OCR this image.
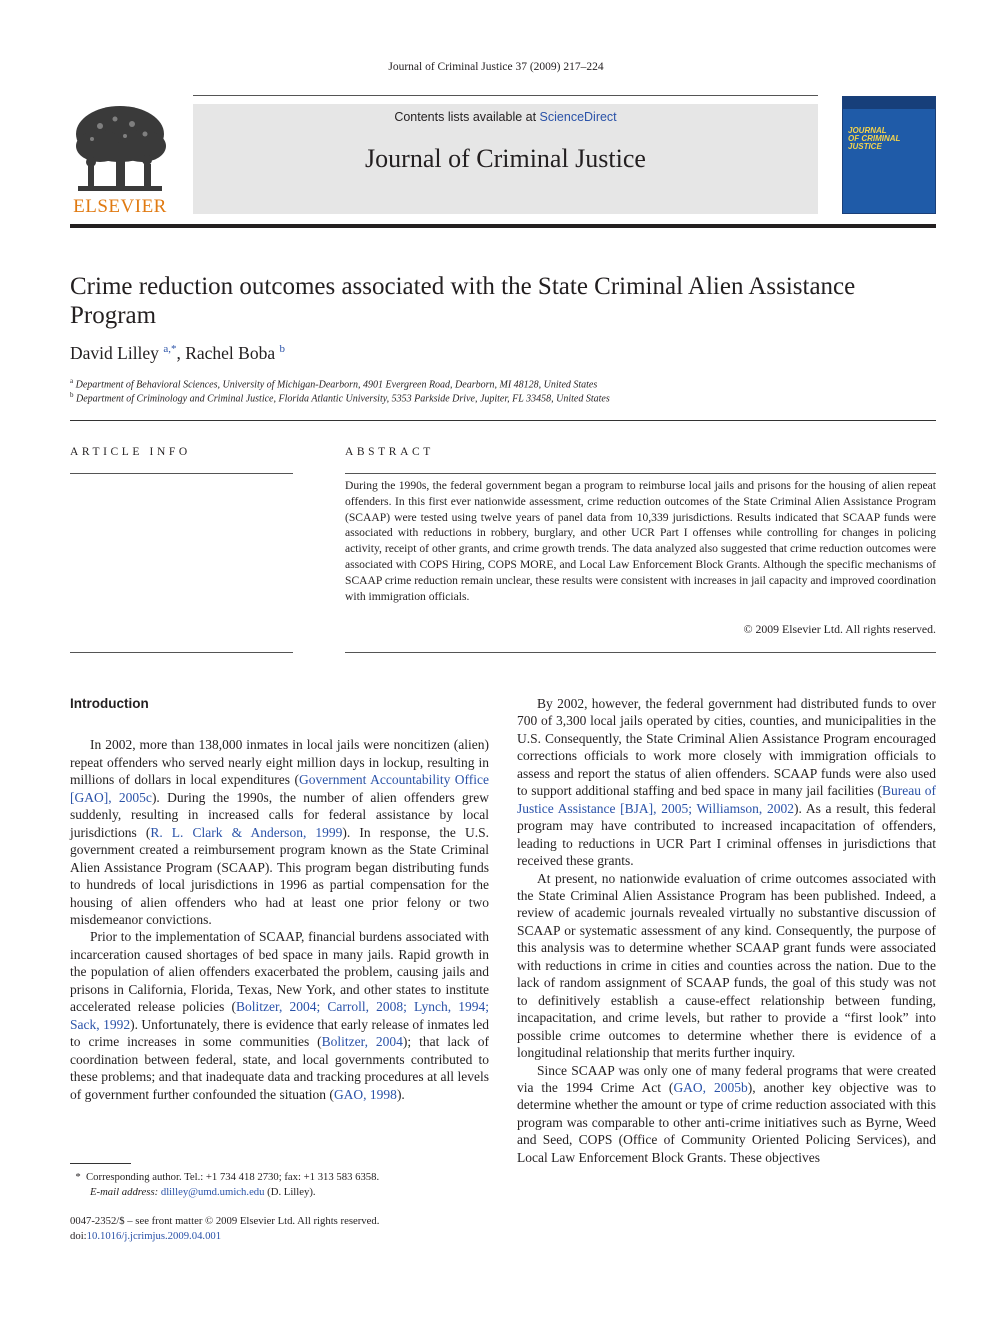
Journal of Criminal Justice 37 (2009) 217–224
ELSEVIER
Contents lists available at ScienceDirect
Journal of Criminal Justice
JOURNAL
OF CRIMINAL
JUSTICE
Crime reduction outcomes associated with the State Criminal Alien Assistance Program
David Lilley $^{a,*}$, Rachel Boba $^b$
$^a$ Department of Behavioral Sciences, University of Michigan-Dearborn, 4901 Evergreen Road, Dearborn, MI 48128, United States
$^b$ Department of Criminology and Criminal Justice, Florida Atlantic University, 5353 Parkside Drive, Jupiter, FL 33458, United States
ARTICLE INFO	ABSTRACT
During the 1990s, the federal government began a program to reimburse local jails and prisons for the housing of alien repeat offenders. In this first ever nationwide assessment, crime reduction outcomes of the State Criminal Alien Assistance Program (SCAAP) were tested using twelve years of panel data from 10,339 jurisdictions. Results indicated that SCAAP funds were associated with reductions in robbery, burglary, and other UCR Part I offenses while controlling for changes in policing activity, receipt of other grants, and crime growth trends. The data analyzed also suggested that crime reduction outcomes were associated with COPS Hiring, COPS MORE, and Local Law Enforcement Block Grants. Although the specific mechanisms of SCAAP crime reduction remain unclear, these results were consistent with increases in jail capacity and improved coordination with immigration officials.
© 2009 Elsevier Ltd. All rights reserved.
Introduction

In 2002, more than 138,000 inmates in local jails were noncitizen (alien) repeat offenders who served nearly eight million days in lockup, resulting in millions of dollars in local expenditures (Government Accountability Office [GAO], 2005c). During the 1990s, the number of alien offenders grew suddenly, resulting in increased calls for federal assistance by local jurisdictions (R. L. Clark & Anderson, 1999). In response, the U.S. government created a reimbursement program known as the State Criminal Alien Assistance Program (SCAAP). This program began distributing funds to hundreds of local jurisdictions in 1996 as partial compensation for the housing of alien offenders who had at least one prior felony or two misdemeanor convictions.

Prior to the implementation of SCAAP, financial burdens associated with incarceration caused shortages of bed space in many jails. Rapid growth in the population of alien offenders exacerbated the problem, causing jails and prisons in California, Florida, Texas, New York, and other states to institute accelerated release policies (Bolitzer, 2004; Carroll, 2008; Lynch, 1994; Sack, 1992). Unfortunately, there is evidence that early release of inmates led to crime increases in some communities (Bolitzer, 2004); that lack of coordination between federal, state, and local governments contributed to these problems; and that inadequate data and tracking procedures at all levels of government further confounded the situation (GAO, 1998).

By 2002, however, the federal government had distributed funds to over 700 of 3,300 local jails operated by cities, counties, and municipalities in the U.S. Consequently, the State Criminal Alien Assistance Program encouraged corrections officials to work more closely with immigration officials to assess and report the status of alien offenders. SCAAP funds were also used to support additional staffing and bed space in many jail facilities (Bureau of Justice Assistance [BJA], 2005; Williamson, 2002). As a result, this federal program may have contributed to increased incapacitation of offenders, leading to reductions in UCR Part I criminal offenses in jurisdictions that received these grants.

At present, no nationwide evaluation of crime outcomes associated with the State Criminal Alien Assistance Program has been published. Indeed, a review of academic journals revealed virtually no substantive discussion of SCAAP or systematic assessment of any kind. Consequently, the purpose of this analysis was to determine whether SCAAP grant funds were associated with reductions in crime in cities and counties across the nation. Due to the lack of random assignment of SCAAP funds, the goal of this study was not to definitively establish a cause-effect relationship between funding, incapacitation, and crime levels, but rather to provide a “first look” into possible crime outcomes to determine whether there is evidence of a longitudinal relationship that merits further inquiry.

Since SCAAP was only one of many federal programs that were created via the 1994 Crime Act (GAO, 2005b), another key objective was to determine whether the amount or type of crime reduction associated with this program was comparable to other anti-crime initiatives such as Byrne, Weed and Seed, COPS (Office of Community Oriented Policing Services), and Local Law Enforcement Block Grants. These objectives

* Corresponding author. Tel.: +1 734 418 2730; fax: +1 313 583 6358.
E-mail address: dlilley@umd.umich.edu (D. Lilley).
0047-2352/$ – see front matter © 2009 Elsevier Ltd. All rights reserved.
doi:10.1016/j.jcrimjus.2009.04.001
